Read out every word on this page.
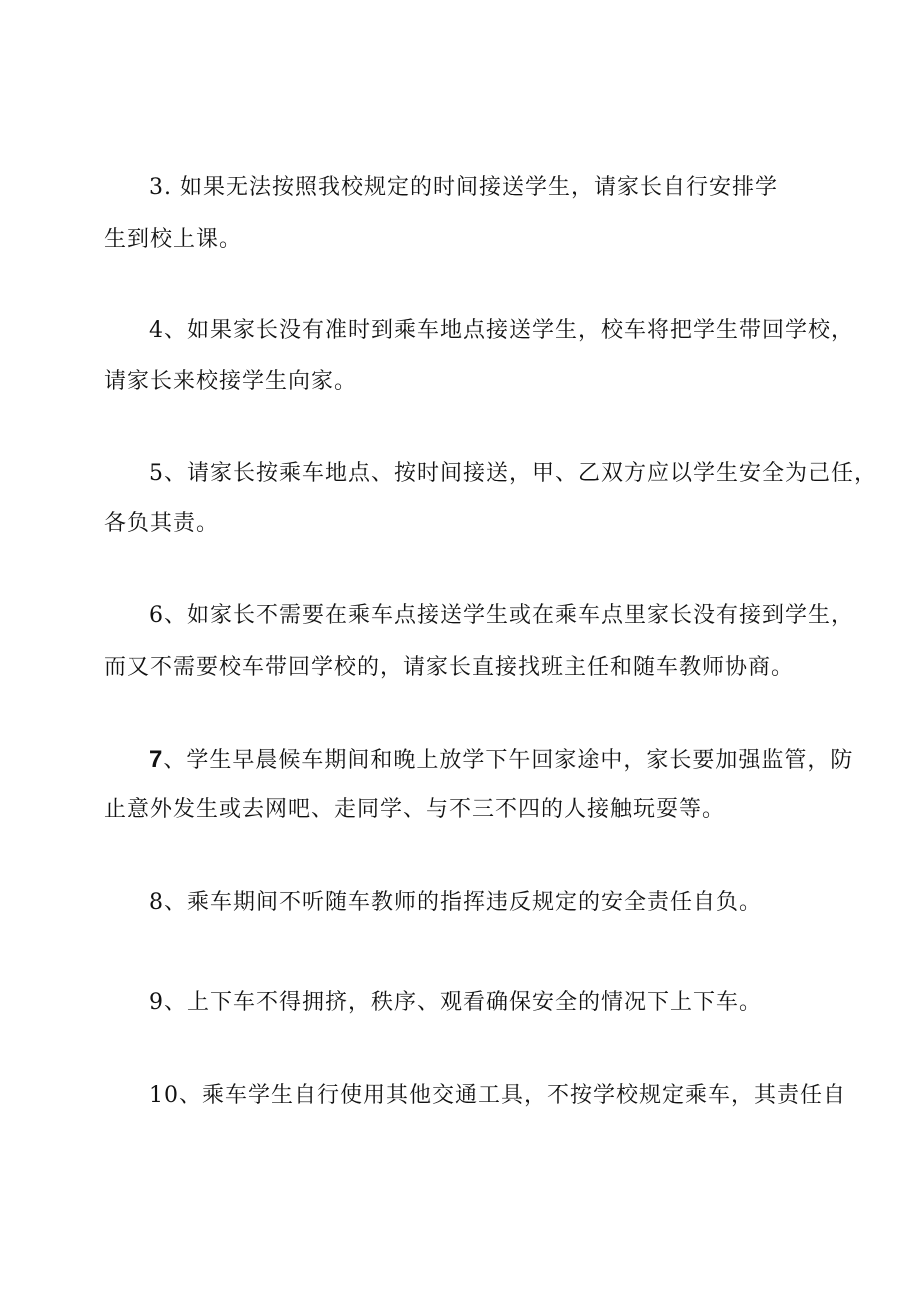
3. 如果无法按照我校规定的时间接送学生，请家长自行安排学
生到校上课。
4、如果家长没有准时到乘车地点接送学生，校车将把学生带回学校，
请家长来校接学生向家。
5、请家长按乘车地点、按时间接送，甲、乙双方应以学生安全为己任，
各负其责。
6、如家长不需要在乘车点接送学生或在乘车点里家长没有接到学生，
而又不需要校车带回学校的，请家长直接找班主任和随车教师协商。
7、学生早晨候车期间和晚上放学下午回家途中，家长要加强监管，防
止意外发生或去网吧、走同学、与不三不四的人接触玩耍等。
8、乘车期间不听随车教师的指挥违反规定的安全责任自负。
9、上下车不得拥挤，秩序、观看确保安全的情况下上下车。
10、乘车学生自行使用其他交通工具，不按学校规定乘车，其责任自
